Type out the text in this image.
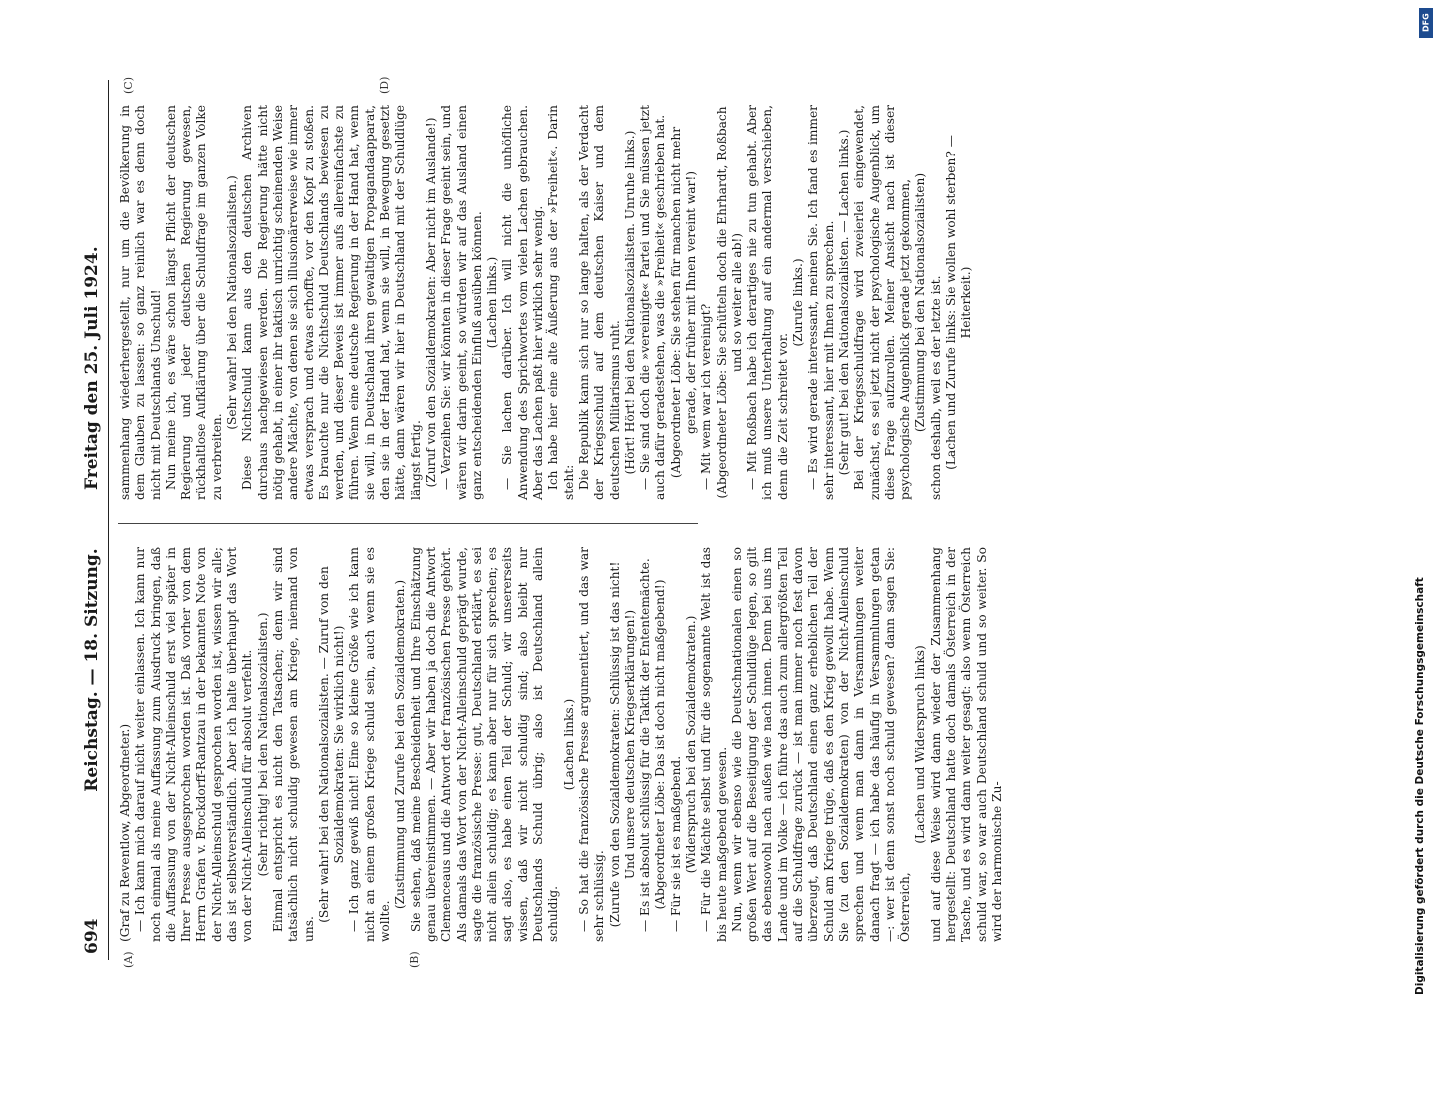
694
Reichstag. — 18. Sitzung.
Freitag den 25. Juli 1924.
(A)	(B)
(C)	(D)

(Graf zu Reventlow, Abgeordneter.) — Ich kann mich darauf nicht weiter einlassen. Ich kann nur noch einmal als meine Auffassung zum Ausdruck bringen, daß die Auffassung von der Nicht-Alleinschuld erst viel später in Ihrer Presse ausgesprochen worden ist. Daß vorher von dem Herrn Grafen v. Brockdorff-Rantzau in der bekannten Note von der Nicht-Alleinschuld gesprochen worden ist, wissen wir alle; das ist selbstverständlich. Aber ich halte überhaupt das Wort von der Nicht-Alleinschuld für absolut verfehlt. (Sehr richtig! bei den Nationalsozialisten.) Einmal entspricht es nicht den Tatsachen; denn wir sind tatsächlich nicht schuldig gewesen am Kriege, niemand von uns.

(Sehr wahr! bei den Nationalsozialisten. — Zuruf von den Sozialdemokraten: Sie wirklich nicht!) — Ich ganz gewiß nicht! Eine so kleine Größe wie ich kann nicht an einem großen Kriege schuld sein, auch wenn sie es wollte.

(Zustimmung und Zurufe bei den Sozialdemokraten.) Sie sehen, daß meine Bescheidenheit und Ihre Einschätzung genau übereinstimmen. — Aber wir haben ja doch die Antwort Clemenceaus und die Antwort der französischen Presse gehört. Als damals das Wort von der Nicht-Alleinschuld geprägt wurde, sagte die französische Presse: gut, Deutschland erklärt, es sei nicht allein schuldig; es kann aber nur für sich sprechen; es sagt also, es habe einen Teil der Schuld; wir unsererseits wissen, daß wir nicht schuldig sind; also bleibt nur Deutschlands Schuld übrig; also ist Deutschland allein schuldig.

(Lachen links.) — So hat die französische Presse argumentiert, und das war sehr schlüssig. (Zurufe von den Sozialdemokraten: Schlüssig ist das nicht! Und unsere deutschen Kriegserklärungen!) — Es ist absolut schlüssig für die Taktik der Ententemächte. (Abgeordneter Löbe: Das ist doch nicht maßgebend!) — Für sie ist es maßgebend. (Widerspruch bei den Sozialdemokraten.) — Für die Mächte selbst und für die sogenannte Welt ist das bis heute maßgebend gewesen. Nun, wenn wir ebenso wie die Deutschnationalen einen so großen Wert auf die Beseitigung der Schuldlüge legen, so gilt das ebensowohl nach außen wie nach innen. Denn bei uns im Lande und im Volke — ich führe das auch zum allergrößten Teil auf die Schuldfrage zurück — ist man immer noch fest davon überzeugt, daß Deutschland einen ganz erheblichen Teil der Schuld am Kriege trüge, daß es den Krieg gewollt habe. Wenn Sie (zu den Sozialdemokraten) von der Nicht-Alleinschuld sprechen und wenn man dann in Versammlungen weiter danach fragt — ich habe das häufig in Versammlungen getan —: wer ist denn sonst noch schuld gewesen? dann sagen Sie: Österreich,

(Lachen und Widerspruch links) und auf diese Weise wird dann wieder der Zusammenhang hergestellt: Deutschland hatte doch damals Österreich in der Tasche, und es wird dann weiter gesagt: also wenn Österreich schuld war, so war auch Deutschland schuld und so weiter. So wird der harmonische Zu-

sammenhang wiederhergestellt, nur um die Bevölkerung in dem Glauben zu lassen: so ganz reinlich war es denn doch nicht mit Deutschlands Unschuld! Nun meine ich, es wäre schon längst Pflicht der deutschen Regierung und jeder deutschen Regierung gewesen, rückhaltlose Aufklärung über die Schuldfrage im ganzen Volke zu verbreiten.

(Sehr wahr! bei den Nationalsozialisten.) Diese Nichtschuld kann aus den deutschen Archiven durchaus nachgewiesen werden. Die Regierung hätte nicht nötig gehabt, in einer ihr taktisch unrichtig scheinenden Weise andere Mächte, von denen sie sich illusionärerweise wie immer etwas versprach und etwas erhoffte, vor den Kopf zu stoßen. Es brauchte nur die Nichtschuld Deutschlands bewiesen zu werden, und dieser Beweis ist immer aufs allereinfachste zu führen. Wenn eine deutsche Regierung in der Hand hat, wenn sie will, in Deutschland ihren gewaltigen Propagandaapparat, den sie in der Hand hat, wenn sie will, in Bewegung gesetzt hätte, dann wären wir hier in Deutschland mit der Schuldlüge längst fertig. (Zuruf von den Sozialdemokraten: Aber nicht im Auslande!) — Verzeihen Sie: wir könnten in dieser Frage geeint sein, und wären wir darin geeint, so würden wir auf das Ausland einen ganz entscheidenden Einfluß ausüben können. (Lachen links.) — Sie lachen darüber. Ich will nicht die unhöfliche Anwendung des Sprichwortes vom vielen Lachen gebrauchen. Aber das Lachen paßt hier wirklich sehr wenig. Ich habe hier eine alte Äußerung aus der »Freiheit«. Darin steht: Die Republik kann sich nur so lange halten, als der Verdacht der Kriegsschuld auf dem deutschen Kaiser und dem deutschen Militarismus ruht. (Hört! Hört! bei den Nationalsozialisten. Unruhe links.) — Sie sind doch die »vereinigte« Partei und Sie müssen jetzt auch dafür geradestehen, was die »Freiheit« geschrieben hat. (Abgeordneter Löbe: Sie stehen für manchen nicht mehr gerade, der früher mit Ihnen vereint war!) — Mit wem war ich vereinigt? (Abgeordneter Löbe: Sie schütteln doch die Ehrhardt, Roßbach und so weiter alle ab!) — Mit Roßbach habe ich derartiges nie zu tun gehabt. Aber ich muß unsere Unterhaltung auf ein andermal verschieben, denn die Zeit schreitet vor.

(Zurufe links.) — Es wird gerade interessant, meinen Sie. Ich fand es immer sehr interessant, hier mit Ihnen zu sprechen. (Sehr gut! bei den Nationalsozialisten. — Lachen links.) Bei der Kriegsschuldfrage wird zweierlei eingewendet, zunächst, es sei jetzt nicht der psychologische Augenblick, um diese Frage aufzurollen. Meiner Ansicht nach ist dieser psychologische Augenblick gerade jetzt gekommen, (Zustimmung bei den Nationalsozialisten) schon deshalb, weil es der letzte ist. (Lachen und Zurufe links: Sie wollen wohl sterben? — Heiterkeit.)

DFG
Digitalisierung gefördert durch die Deutsche Forschungsgemeinschaft
